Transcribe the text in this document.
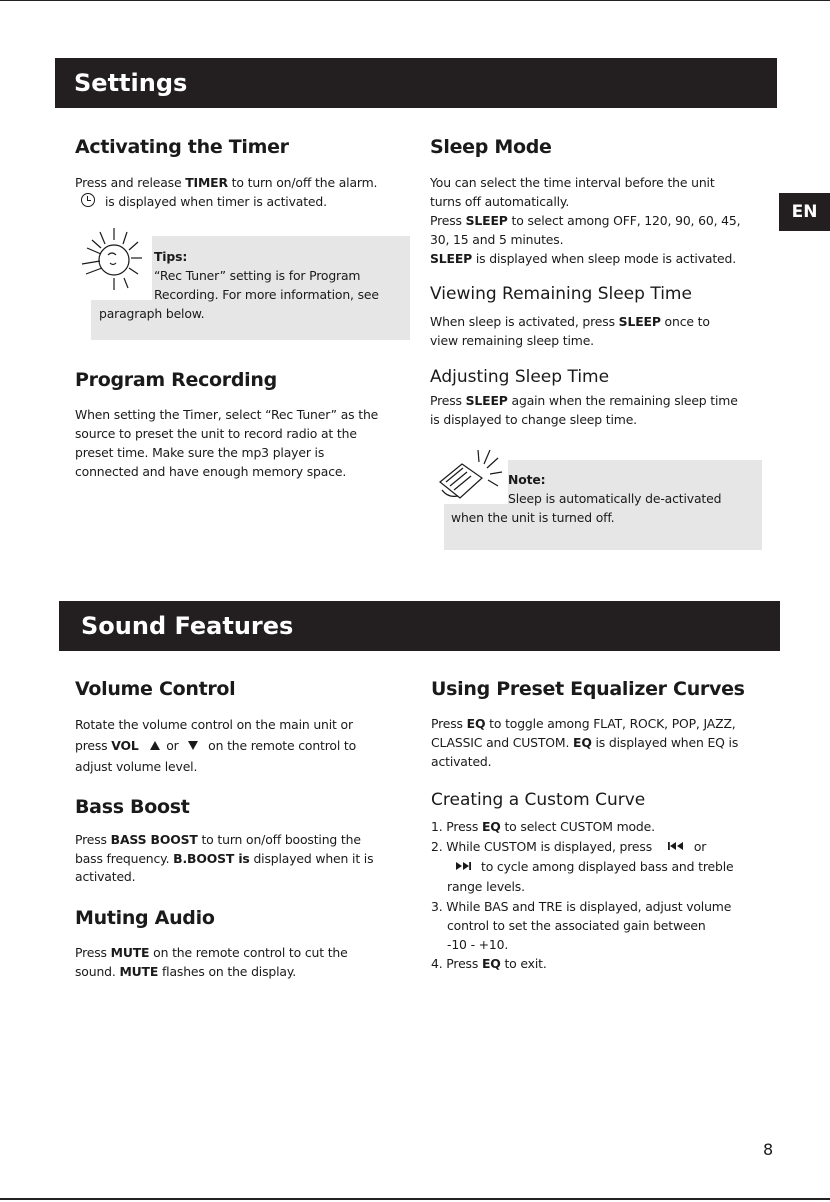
Settings
EN
Activating the Timer
Press and release TIMER to turn on/off the alarm.
is displayed when timer is activated.
Tips:
“Rec Tuner” setting is for Program
Recording. For more information, see
paragraph below.
Program Recording
When setting the Timer, select “Rec Tuner” as the
source to preset the unit to record radio at the
preset time. Make sure the mp3 player is
connected and have enough memory space.
Sleep Mode
You can select the time interval before the unit
turns off automatically.
Press SLEEP to select among OFF, 120, 90, 60, 45,
30, 15 and 5 minutes.
SLEEP is displayed when sleep mode is activated.
Viewing Remaining Sleep Time
When sleep is activated, press SLEEP once to
view remaining sleep time.
Adjusting Sleep Time
Press SLEEP again when the remaining sleep time
is displayed to change sleep time.
Note:
Sleep is automatically de-activated
when the unit is turned off.
Sound Features
Volume Control
Rotate the volume control on the main unit or
press VOL  or  on the remote control to
adjust volume level.
Bass Boost
Press BASS BOOST to turn on/off boosting the
bass frequency. B.BOOST is displayed when it is
activated.
Muting Audio
Press MUTE on the remote control to cut the
sound. MUTE flashes on the display.
Using Preset Equalizer Curves
Press EQ to toggle among FLAT, ROCK, POP, JAZZ,
CLASSIC and CUSTOM. EQ is displayed when EQ is
activated.
Creating a Custom Curve
1. Press EQ to select CUSTOM mode.
2. While CUSTOM is displayed, press	or
to cycle among displayed bass and treble
range levels.
3. While BAS and TRE is displayed, adjust volume
control to set the associated gain between
-10 - +10.
4. Press EQ to exit.
8
